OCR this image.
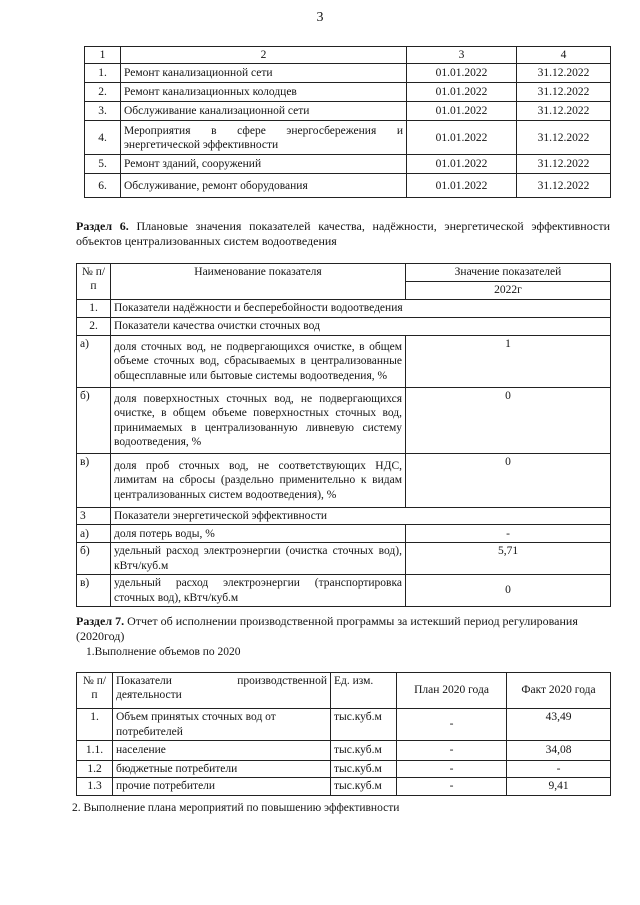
3
1	2	3	4
1.	Ремонт канализационной сети	01.01.2022	31.12.2022
2.	Ремонт канализационных колодцев	01.01.2022	31.12.2022
3.	Обслуживание канализационной сети	01.01.2022	31.12.2022
4.	Мероприятия в сфере энергосбережения и энергетической эффективности	01.01.2022	31.12.2022
5.	Ремонт зданий, сооружений	01.01.2022	31.12.2022
6.	Обслуживание, ремонт оборудования	01.01.2022	31.12.2022
Раздел 6. Плановые значения показателей качества, надёжности, энергетической эффективности объектов централизованных систем водоотведения
№ п/п	Наименование показателя	Значение показателей
		2022г
1.	Показатели надёжности и бесперебойности водоотведения	
2.	Показатели качества очистки сточных вод	
а)	доля сточных вод, не подвергающихся очистке, в общем объеме сточных вод, сбрасываемых в централизованные общесплавные или бытовые системы водоотведения, %	1
б)	доля поверхностных сточных вод, не подвергающихся очистке, в общем объеме поверхностных сточных вод, принимаемых в централизованную ливневую систему водоотведения, %	0
в)	доля проб сточных вод, не соответствующих НДС, лимитам на сбросы (раздельно применительно к видам централизованных систем водоотведения), %	0
3	Показатели энергетической эффективности	
а)	доля потерь воды, %	-
б)	удельный расход электроэнергии (очистка сточных вод), кВтч/куб.м	5,71
в)	удельный расход электроэнергии (транспортировка сточных вод), кВтч/куб.м	0
Раздел 7. Отчет об исполнении производственной программы за истекший период регулирования (2020год)
1.Выполнение объемов по 2020
№ п/п	Показатели производственной деятельности	Ед. изм.	План 2020 года	Факт 2020 года
1.	Объем принятых сточных вод от потребителей	тыс.куб.м	-	43,49
1.1.	население	тыс.куб.м	-	34,08
1.2	бюджетные потребители	тыс.куб.м	-	-
1.3	прочие потребители	тыс.куб.м	-	9,41
2. Выполнение плана мероприятий по повышению эффективности
